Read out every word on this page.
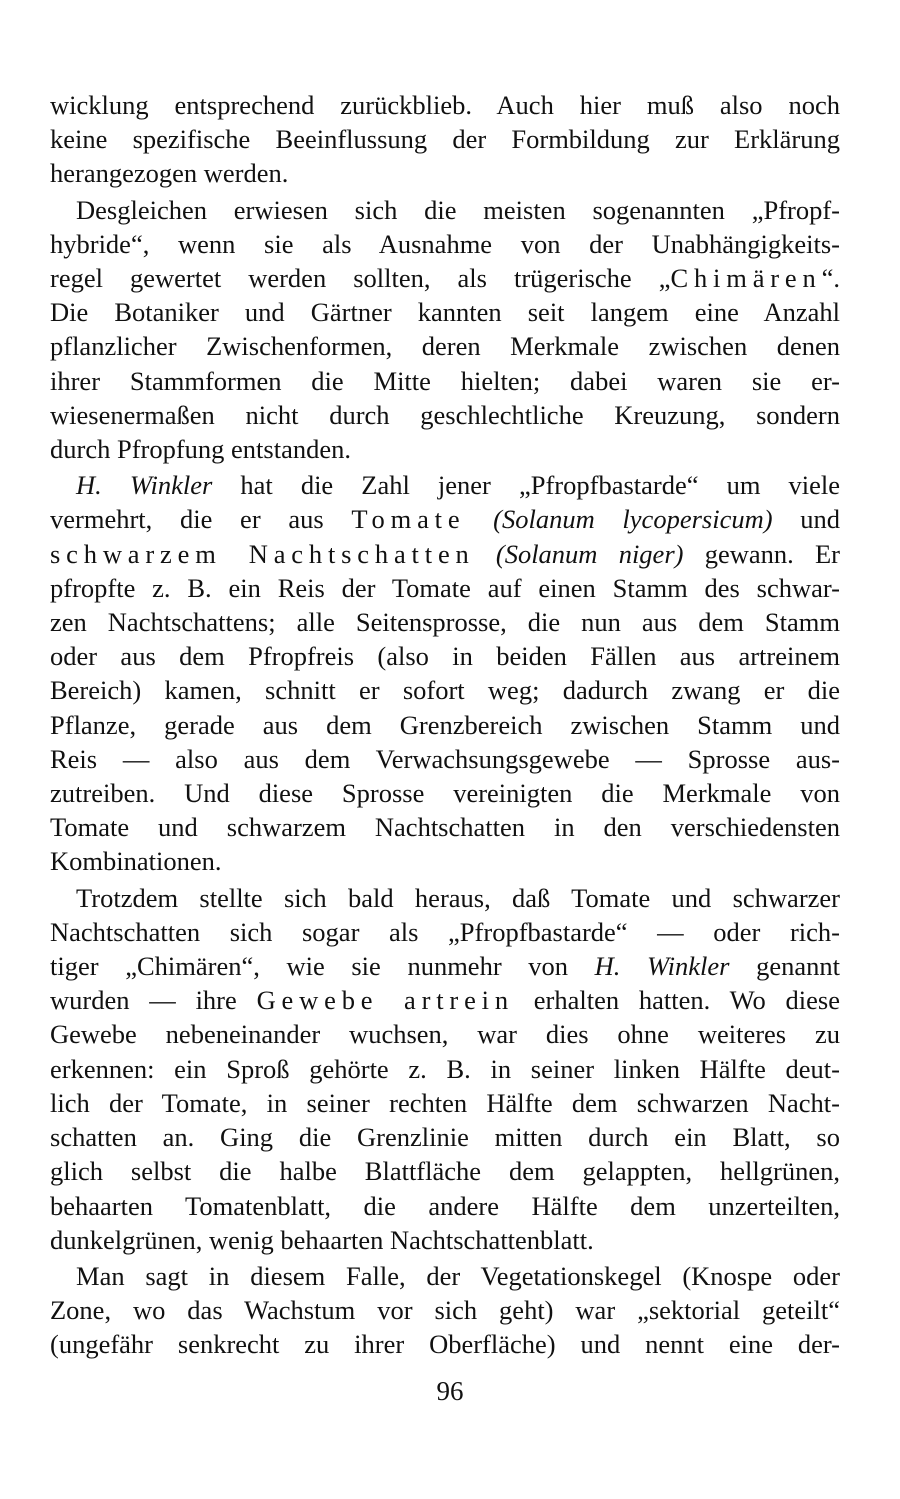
wicklung entsprechend zurückblieb. Auch hier muß also noch
keine spezifische Beeinflussung der Formbildung zur Erklärung
herangezogen werden.
Desgleichen erwiesen sich die meisten sogenannten „Pfropf-
hybride“, wenn sie als Ausnahme von der Unabhängigkeits-
regel gewertet werden sollten, als trügerische „Chimären“.
Die Botaniker und Gärtner kannten seit langem eine Anzahl
pflanzlicher Zwischenformen, deren Merkmale zwischen denen
ihrer Stammformen die Mitte hielten; dabei waren sie er-
wiesenermaßen nicht durch geschlechtliche Kreuzung, sondern
durch Pfropfung entstanden.
H. Winkler hat die Zahl jener „Pfropfbastarde“ um viele
vermehrt, die er aus Tomate (Solanum lycopersicum) und
schwarzem Nachtschatten (Solanum niger) gewann. Er
pfropfte z. B. ein Reis der Tomate auf einen Stamm des schwar-
zen Nachtschattens; alle Seitensprosse, die nun aus dem Stamm
oder aus dem Pfropfreis (also in beiden Fällen aus artreinem
Bereich) kamen, schnitt er sofort weg; dadurch zwang er die
Pflanze, gerade aus dem Grenzbereich zwischen Stamm und
Reis — also aus dem Verwachsungsgewebe — Sprosse aus-
zutreiben. Und diese Sprosse vereinigten die Merkmale von
Tomate und schwarzem Nachtschatten in den verschiedensten
Kombinationen.
Trotzdem stellte sich bald heraus, daß Tomate und schwarzer
Nachtschatten sich sogar als „Pfropfbastarde“ — oder rich-
tiger „Chimären“, wie sie nunmehr von H. Winkler genannt
wurden — ihre Gewebe artrein erhalten hatten. Wo diese
Gewebe nebeneinander wuchsen, war dies ohne weiteres zu
erkennen: ein Sproß gehörte z. B. in seiner linken Hälfte deut-
lich der Tomate, in seiner rechten Hälfte dem schwarzen Nacht-
schatten an. Ging die Grenzlinie mitten durch ein Blatt, so
glich selbst die halbe Blattfläche dem gelappten, hellgrünen,
behaarten Tomatenblatt, die andere Hälfte dem unzerteilten,
dunkelgrünen, wenig behaarten Nachtschattenblatt.
Man sagt in diesem Falle, der Vegetationskegel (Knospe oder
Zone, wo das Wachstum vor sich geht) war „sektorial geteilt“
(ungefähr senkrecht zu ihrer Oberfläche) und nennt eine der-
96
